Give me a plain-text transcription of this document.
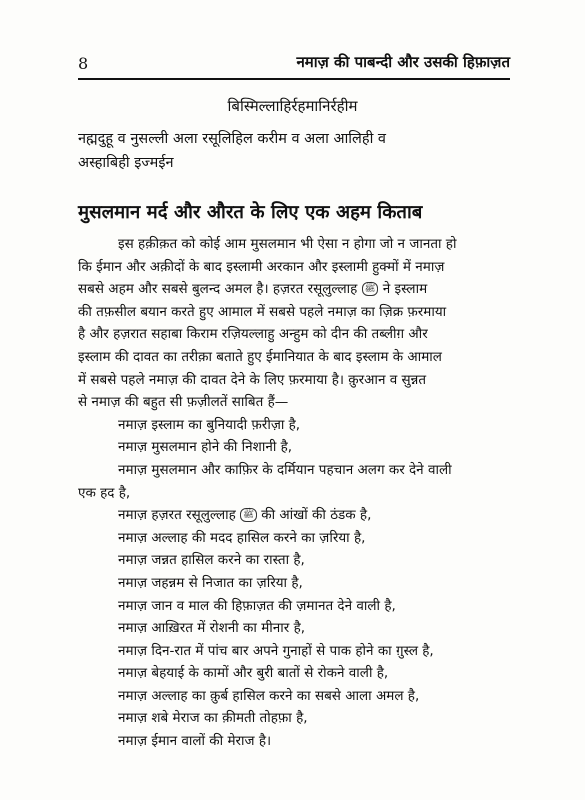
8	नमाज़ की पाबन्दी और उसकी हिफ़ाज़त
बिस्मिल्लाहिर्रहमानिर्रहीम
नह्मदुहू व नुसल्ली अला रसूलिहिल करीम व अला आलिही व
अस्हाबिही इज्मईन
मुसलमान मर्द और औरत के लिए एक अहम किताब
इस हक़ीक़त को कोई आम मुसलमान भी ऐसा न होगा जो न जानता हो
कि ईमान और अक़ीदों के बाद इस्लामी अरकान और इस्लामी हुक्मों में नमाज़
सबसे अहम और सबसे बुलन्द अमल है। हज़रत रसूलुल्लाह ﷺ ने इस्लाम
की तफ़सील बयान करते हुए आमाल में सबसे पहले नमाज़ का ज़िक्र फ़रमाया
है और हज़रात सहाबा किराम रज़ियल्लाहु अन्हुम को दीन की तब्लीग़ और
इस्लाम की दावत का तरीक़ा बताते हुए ईमानियात के बाद इस्लाम के आमाल
में सबसे पहले नमाज़ की दावत देने के लिए फ़रमाया है। क़ुरआन व सुन्नत
से नमाज़ की बहुत सी फ़ज़ीलतें साबित हैं—
नमाज़ इस्लाम का बुनियादी फ़रीज़ा है,
नमाज़ मुसलमान होने की निशानी है,
नमाज़ मुसलमान और काफ़िर के दर्मियान पहचान अलग कर देने वाली
एक हद है,
नमाज़ हज़रत रसूलुल्लाह ﷺ की आंखों की ठंडक है,
नमाज़ अल्लाह की मदद हासिल करने का ज़रिया है,
नमाज़ जन्नत हासिल करने का रास्ता है,
नमाज़ जहन्नम से निजात का ज़रिया है,
नमाज़ जान व माल की हिफ़ाज़त की ज़मानत देने वाली है,
नमाज़ आख़िरत में रोशनी का मीनार है,
नमाज़ दिन-रात में पांच बार अपने गुनाहों से पाक होने का ग़ुस्ल है,
नमाज़ बेहयाई के कामों और बुरी बातों से रोकने वाली है,
नमाज़ अल्लाह का क़ुर्ब हासिल करने का सबसे आला अमल है,
नमाज़ शबे मेराज का क़ीमती तोहफ़ा है,
नमाज़ ईमान वालों की मेराज है।
